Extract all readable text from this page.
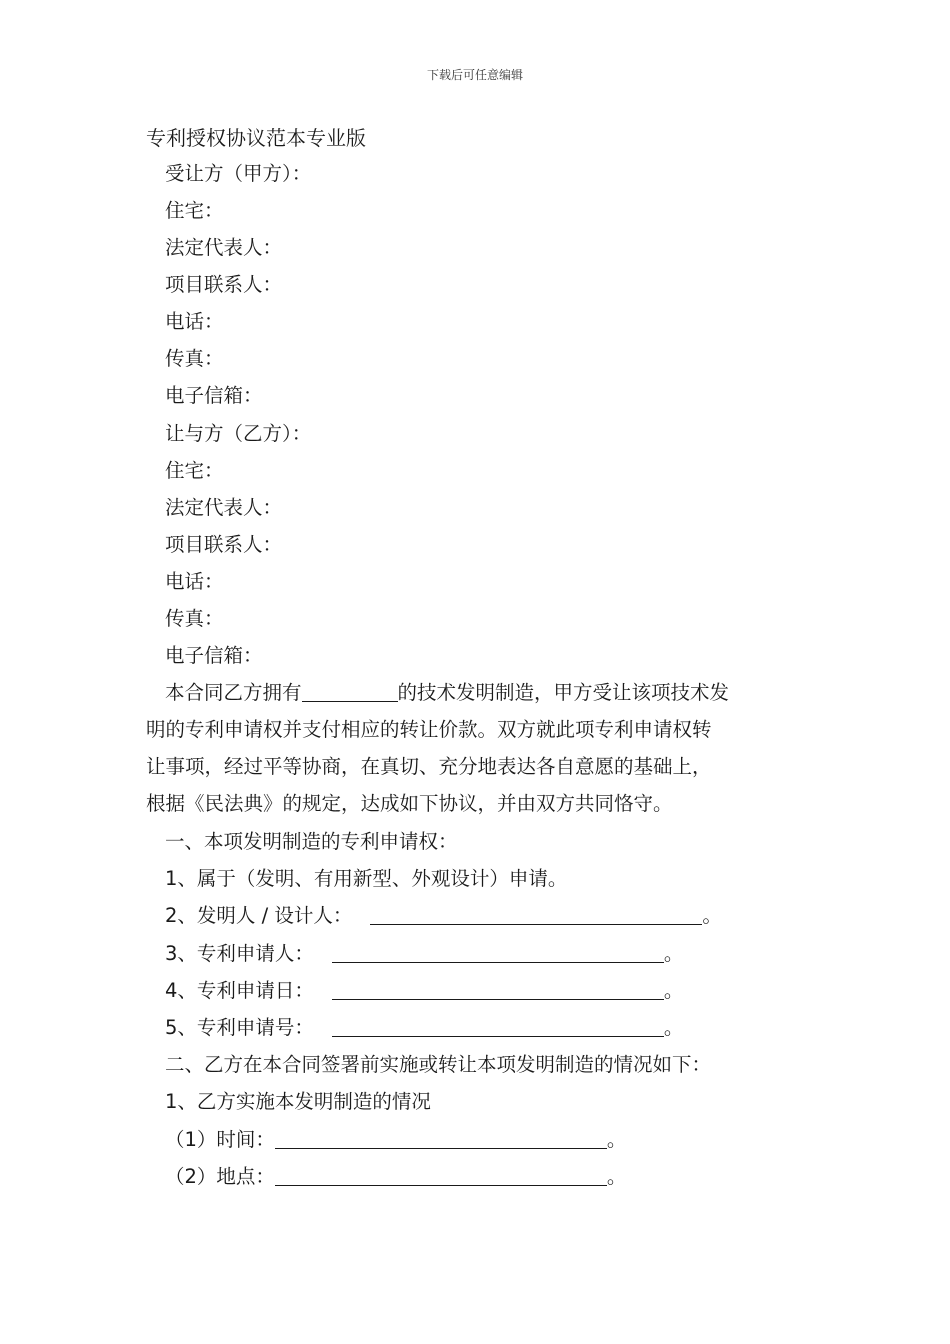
下载后可任意编辑
专利授权协议范本专业版
受让方（甲方）：
住宅：
法定代表人：
项目联系人：
电话：
传真：
电子信箱：
让与方（乙方）：
住宅：
法定代表人：
项目联系人：
电话：
传真：
电子信箱：
本合同乙方拥有	的技术发明制造，甲方受让该项技术发
明的专利申请权并支付相应的转让价款。双方就此项专利申请权转
让事项，经过平等协商，在真切、充分地表达各自意愿的基础上，
根据《民法典》的规定，达成如下协议，并由双方共同恪守。
一、本项发明制造的专利申请权：
1、属于（发明、有用新型、外观设计）申请。
2、发明人 / 设计人：	。
3、专利申请人：	。
4、专利申请日：	。
5、专利申请号：	。
二、乙方在本合同签署前实施或转让本项发明制造的情况如下：
1、乙方实施本发明制造的情况
（1）时间：	。
（2）地点：	。
